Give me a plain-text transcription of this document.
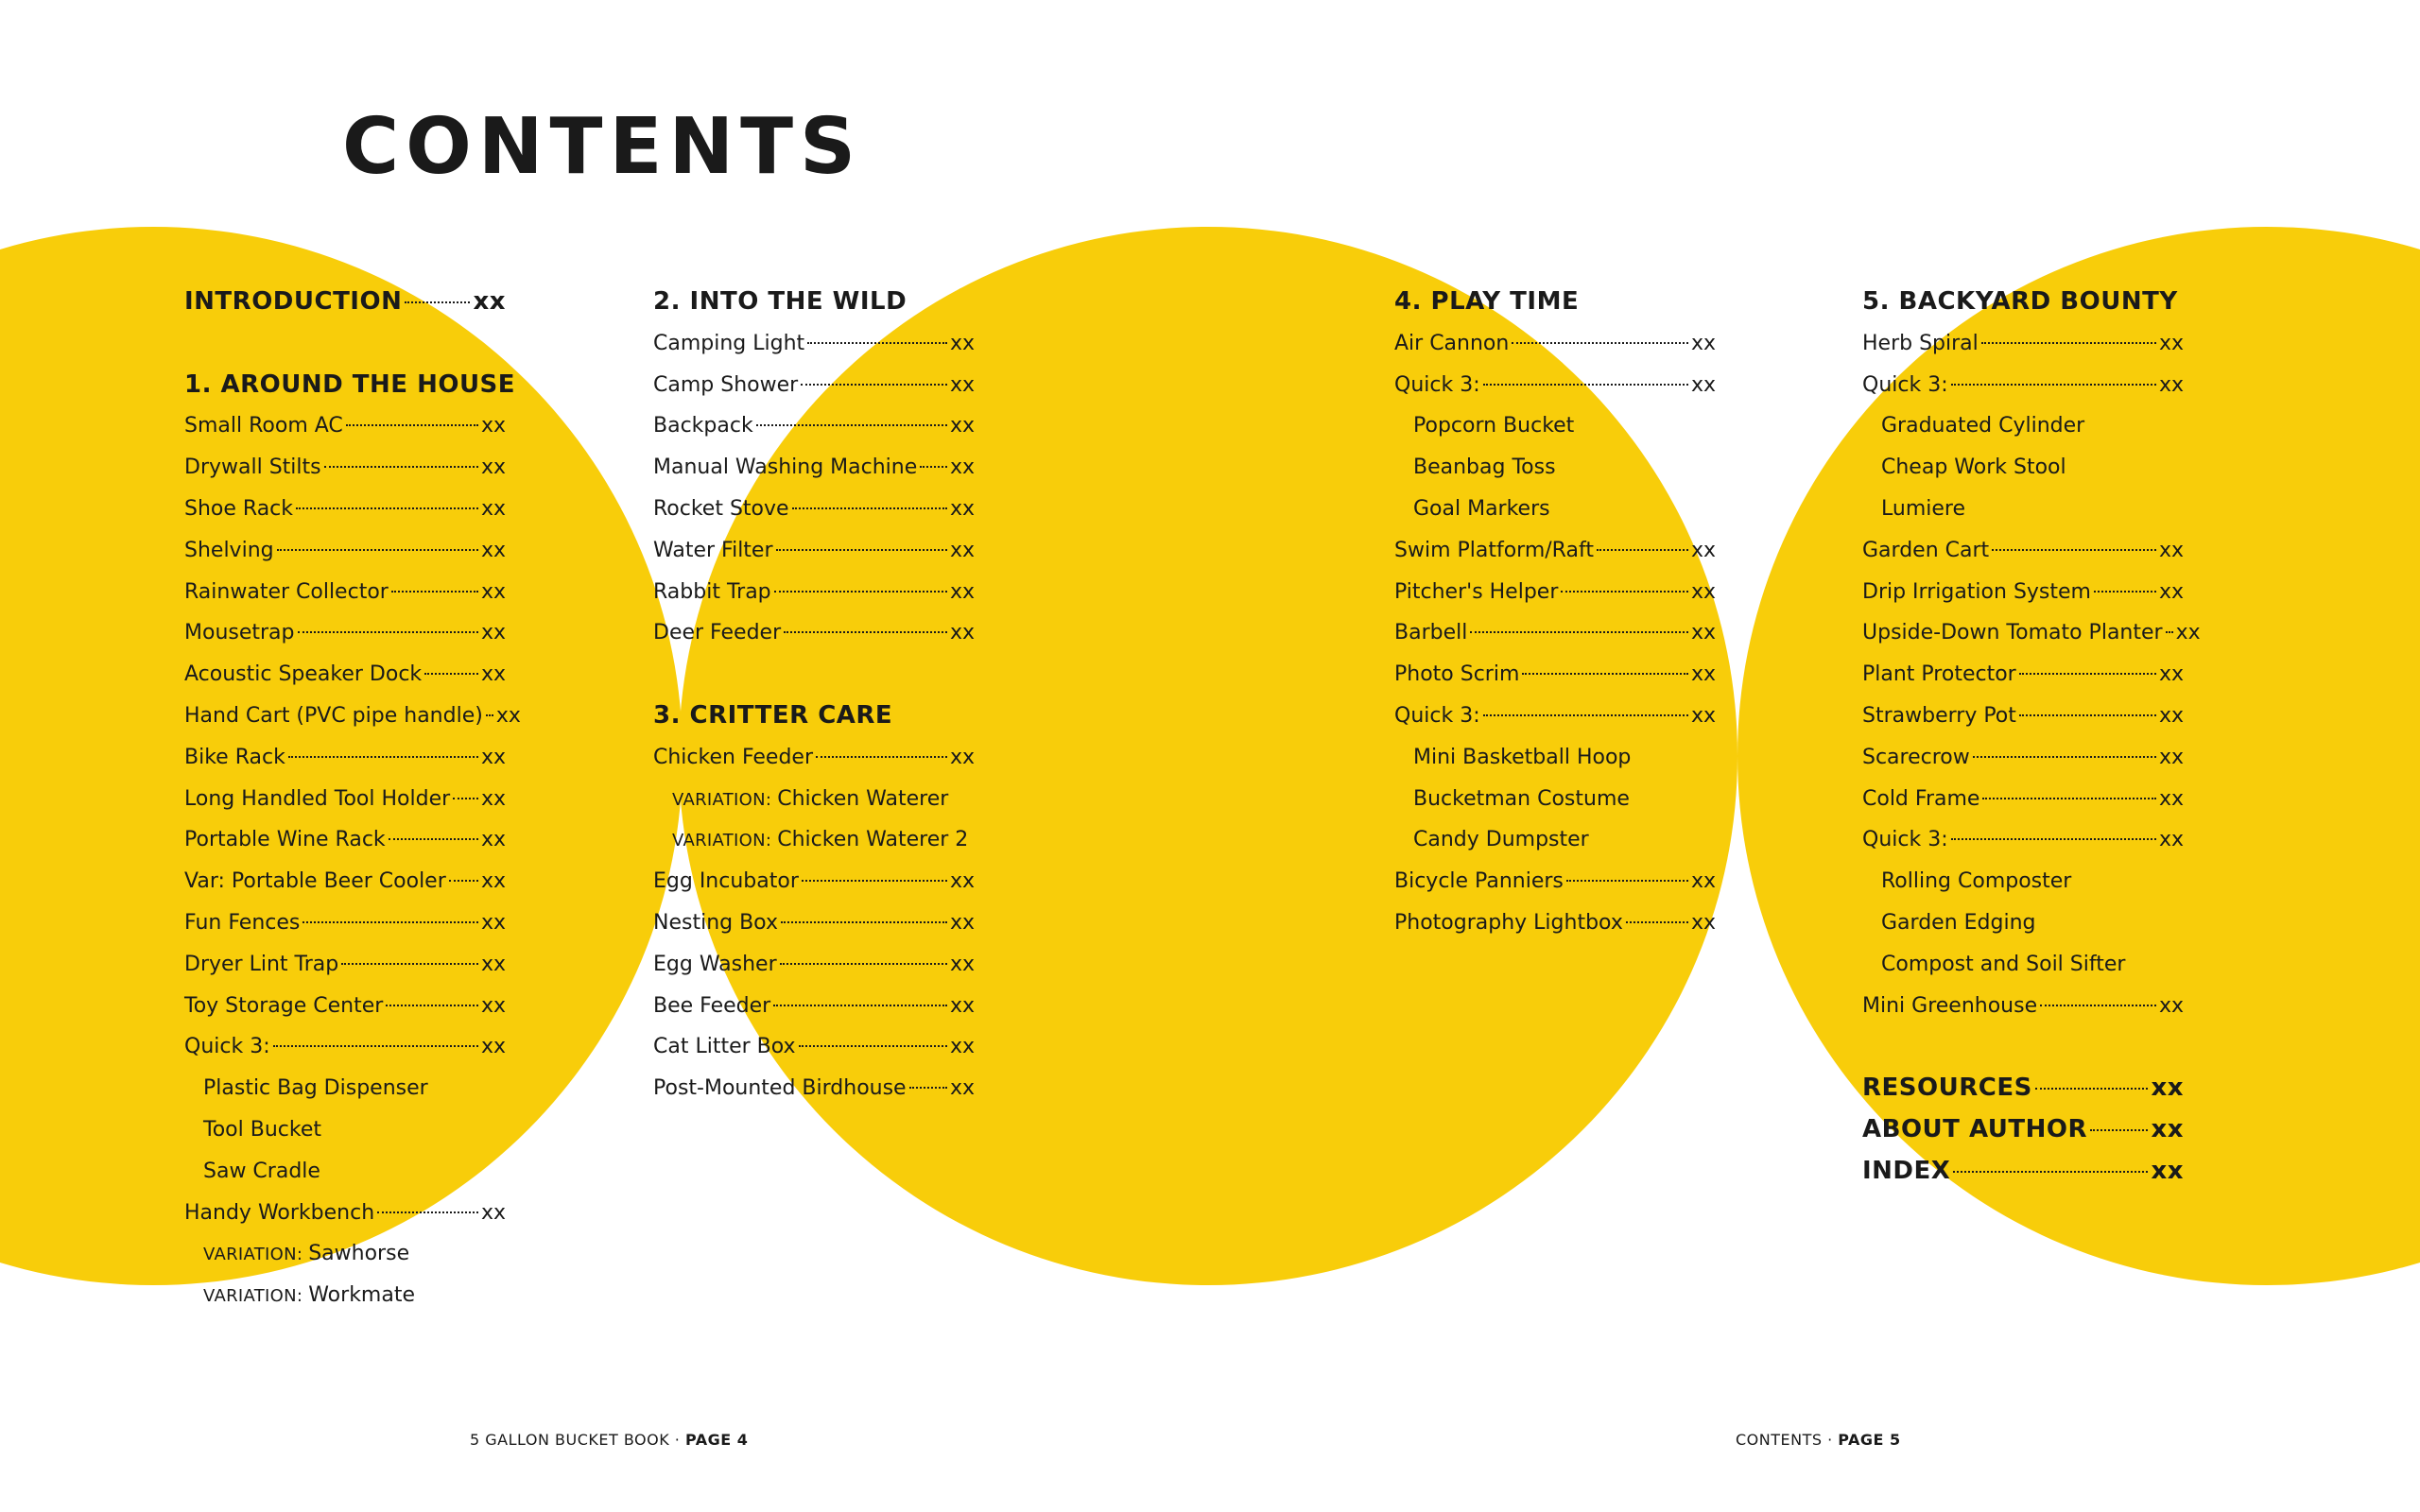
CONTENTS
INTRODUCTION	xx
1. AROUND THE HOUSE
Small Room AC	xx
Drywall Stilts	xx
Shoe Rack	xx
Shelving	xx
Rainwater Collector	xx
Mousetrap	xx
Acoustic Speaker Dock	xx
Hand Cart (PVC pipe handle) xx
Bike Rack	xx
Long Handled Tool Holder xx
Portable Wine Rack	xx
Var: Portable Beer Cooler xx
Fun Fences	xx
Dryer Lint Trap	xx
Toy Storage Center	xx
Quick 3:	xx
Plastic Bag Dispenser
Tool Bucket
Saw Cradle
Handy Workbench	xx
VARIATION: Sawhorse
VARIATION: Workmate
2. INTO THE WILD
Camping Light	xx
Camp Shower	xx
Backpack	xx
Manual Washing Machine xx
Rocket Stove	xx
Water Filter	xx
Rabbit Trap	xx
Deer Feeder	xx
3. CRITTER CARE
Chicken Feeder	xx
VARIATION: Chicken Waterer
VARIATION: Chicken Waterer 2
Egg Incubator	xx
Nesting Box	xx
Egg Washer	xx
Bee Feeder	xx
Cat Litter Box	xx
Post-Mounted Birdhouse xx
4. PLAY TIME
Air Cannon	xx
Quick 3:	xx
Popcorn Bucket
Beanbag Toss
Goal Markers
Swim Platform/Raft	xx
Pitcher's Helper	xx
Barbell	xx
Photo Scrim	xx
Quick 3:	xx
Mini Basketball Hoop
Bucketman Costume
Candy Dumpster
Bicycle Panniers	xx
Photography Lightbox	xx
5. BACKYARD BOUNTY
Herb Spiral	xx
Quick 3:	xx
Graduated Cylinder
Cheap Work Stool
Lumiere
Garden Cart	xx
Drip Irrigation System	xx
Upside-Down Tomato Planter xx
Plant Protector	xx
Strawberry Pot	xx
Scarecrow	xx
Cold Frame	xx
Quick 3:	xx
Rolling Composter
Garden Edging
Compost and Soil Sifter
Mini Greenhouse	xx
RESOURCES	xx
ABOUT AUTHOR	xx
INDEX	xx
5 GALLON BUCKET BOOK · PAGE 4	CONTENTS · PAGE 5
